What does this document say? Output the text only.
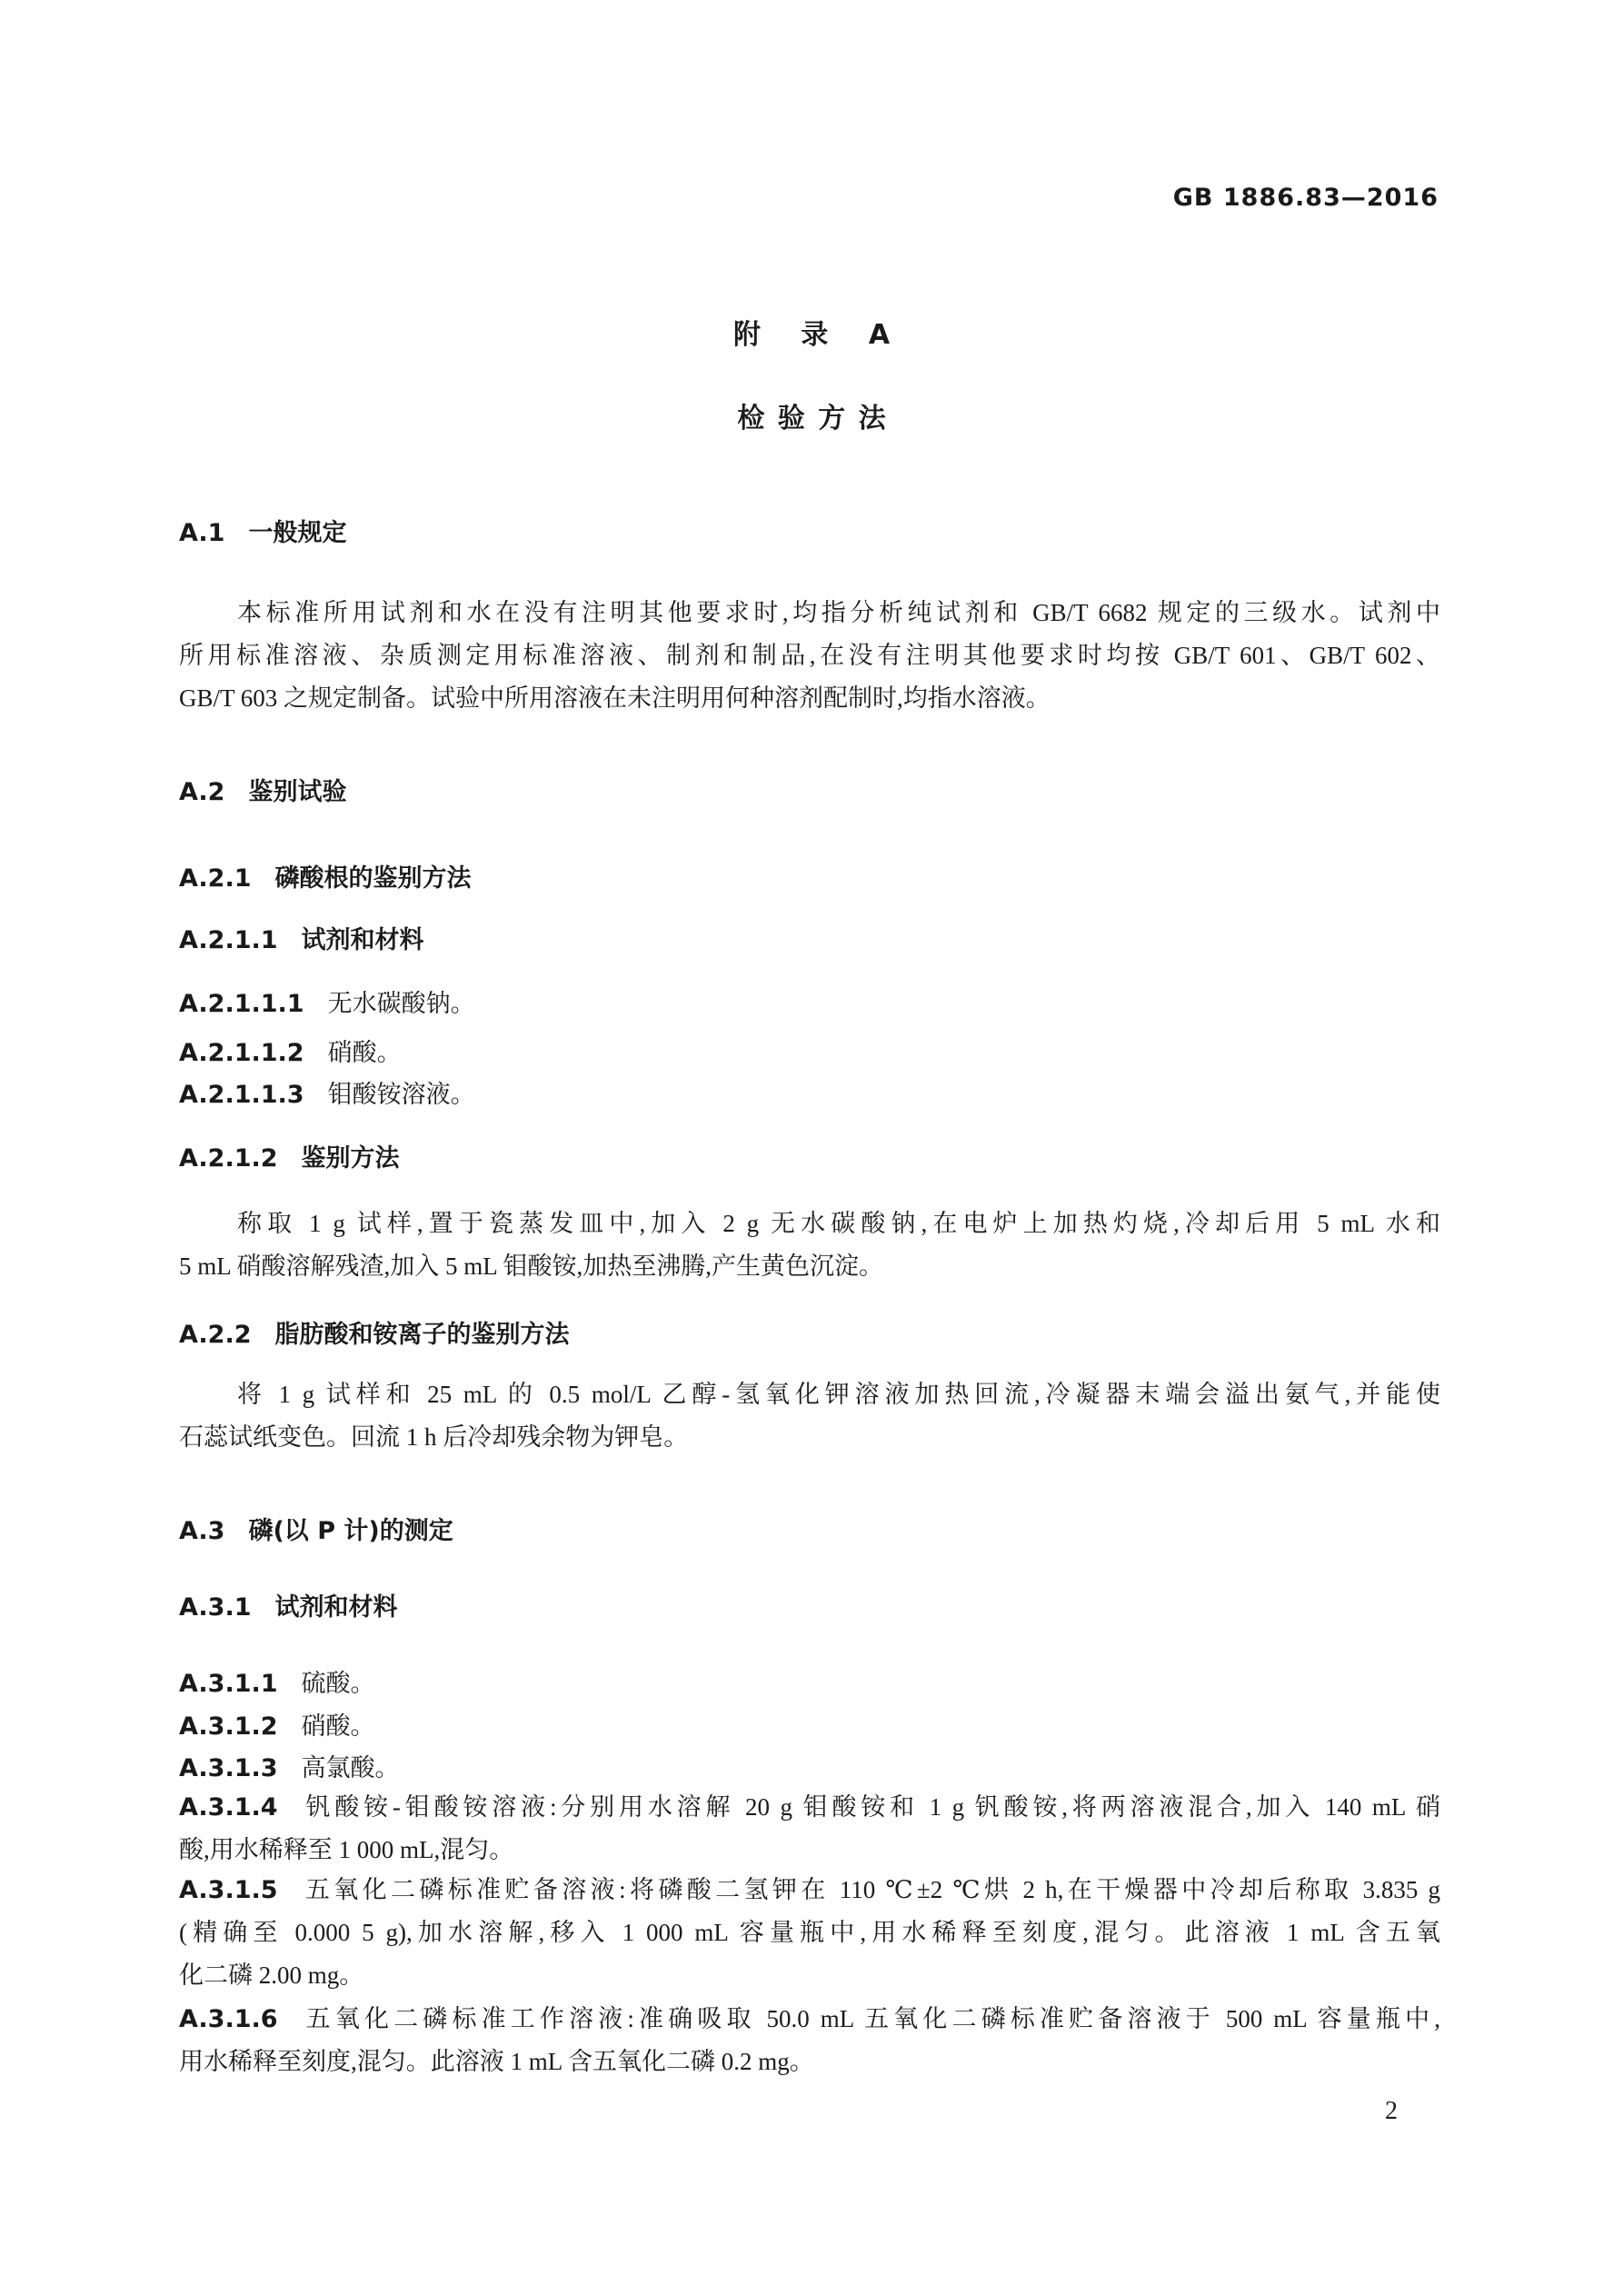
GB 1886.83—2016
附 录 A
检 验 方 法
A.1 一般规定
本标准所用试剂和水在没有注明其他要求时,均指分析纯试剂和 GB/T 6682 规定的三级水。试剂中
所用标准溶液、杂质测定用标准溶液、制剂和制品,在没有注明其他要求时均按 GB/T 601、GB/T 602、
GB/T 603 之规定制备。试验中所用溶液在未注明用何种溶剂配制时,均指水溶液。
A.2 鉴别试验
A.2.1 磷酸根的鉴别方法
A.2.1.1 试剂和材料
A.2.1.1.1 无水碳酸钠。
A.2.1.1.2 硝酸。
A.2.1.1.3 钼酸铵溶液。
A.2.1.2 鉴别方法
称取 1 g 试样,置于瓷蒸发皿中,加入 2 g 无水碳酸钠,在电炉上加热灼烧,冷却后用 5 mL 水和
5 mL 硝酸溶解残渣,加入 5 mL 钼酸铵,加热至沸腾,产生黄色沉淀。
A.2.2 脂肪酸和铵离子的鉴别方法
将 1 g 试样和 25 mL 的 0.5 mol/L 乙醇-氢氧化钾溶液加热回流,冷凝器末端会溢出氨气,并能使
石蕊试纸变色。回流 1 h 后冷却残余物为钾皂。
A.3 磷(以 P 计)的测定
A.3.1 试剂和材料
A.3.1.1 硫酸。
A.3.1.2 硝酸。
A.3.1.3 高氯酸。
A.3.1.4 钒酸铵-钼酸铵溶液:分别用水溶解 20 g 钼酸铵和 1 g 钒酸铵,将两溶液混合,加入 140 mL 硝
酸,用水稀释至 1 000 mL,混匀。
A.3.1.5 五氧化二磷标准贮备溶液:将磷酸二氢钾在 110 ℃±2 ℃烘 2 h,在干燥器中冷却后称取 3.835 g
(精确至 0.000 5 g),加水溶解,移入 1 000 mL 容量瓶中,用水稀释至刻度,混匀。此溶液 1 mL 含五氧
化二磷 2.00 mg。
A.3.1.6 五氧化二磷标准工作溶液:准确吸取 50.0 mL 五氧化二磷标准贮备溶液于 500 mL 容量瓶中,
用水稀释至刻度,混匀。此溶液 1 mL 含五氧化二磷 0.2 mg。
2
